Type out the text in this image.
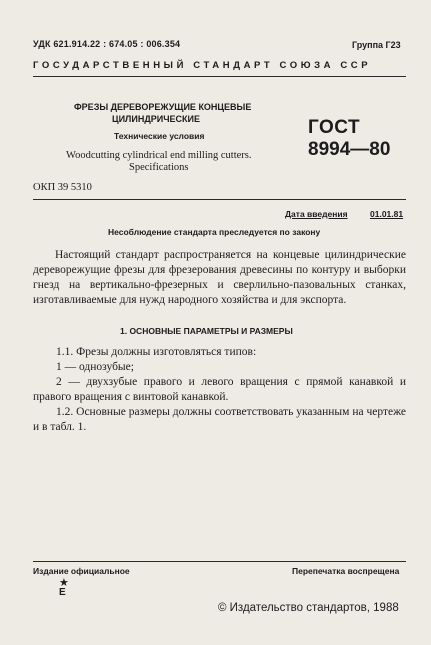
УДК 621.914.22 : 674.05 : 006.354	Группа Г23
ГОСУДАРСТВЕННЫЙ СТАНДАРТ СОЮЗА ССР
ФРЕЗЫ ДЕРЕВОРЕЖУЩИЕ КОНЦЕВЫЕ
ЦИЛИНДРИЧЕСКИЕ
Технические условия
Woodcutting cylindrical end milling cutters.
Specifications
ОКП 39 5310
ГОСТ
8994—80
Дата введения	01.01.81
Несоблюдение стандарта преследуется по закону
Настоящий стандарт распространяется на концевые цилиндрические дереворежущие фрезы для фрезерования древесины по контуру и выборки гнезд на вертикально-фрезерных и сверлильно-пазовальных станках, изготавливаемые для нужд народного хозяйства и для экспорта.
1. ОСНОВНЫЕ ПАРАМЕТРЫ И РАЗМЕРЫ
1.1. Фрезы должны изготовляться типов:
1 — однозубые;
2 — двухзубые правого и левого вращения с прямой канавкой и правого вращения с винтовой канавкой.
1.2. Основные размеры должны соответствовать указанным на чертеже и в табл. 1.
Издание официальное	Перепечатка воспрещена
★
E
© Издательство стандартов, 1988
